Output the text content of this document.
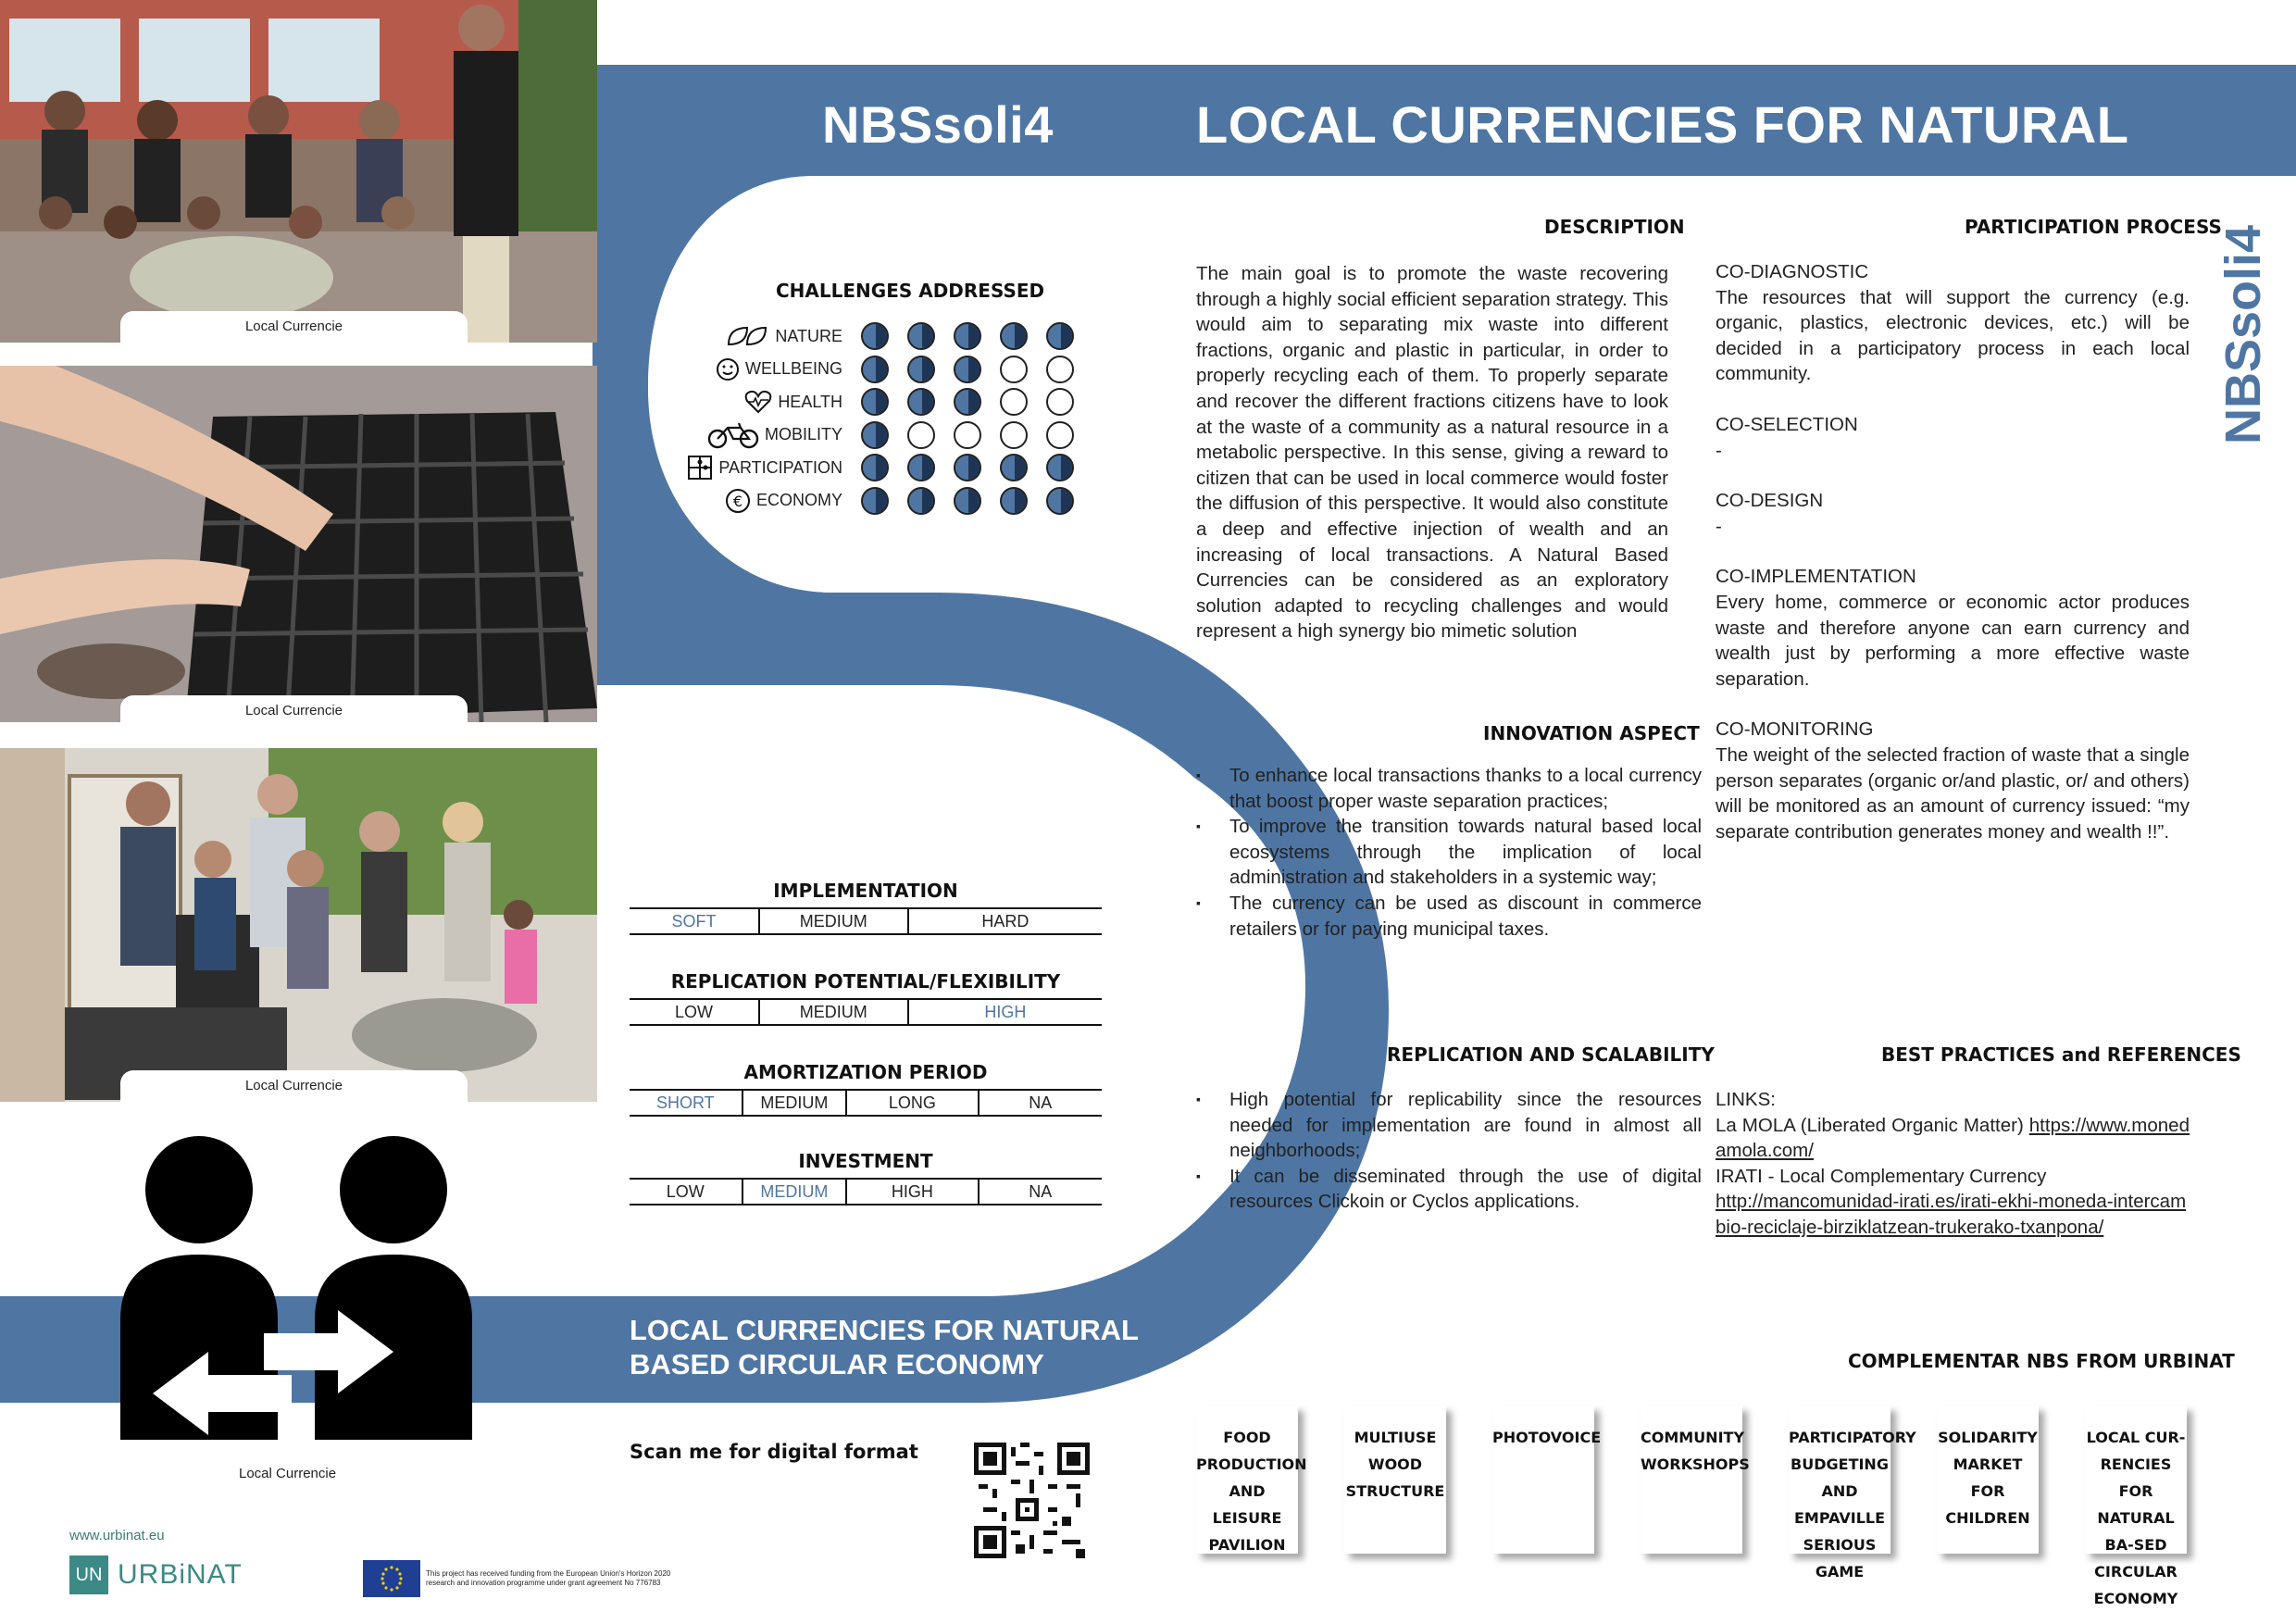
Local Currencie
Local Currencie
Local Currencie
Local Currencie
NBSsoli4	LOCAL CURRENCIES FOR NATURAL
NBSsoli4
CHALLENGES ADDRESSED
NATURE
WELLBEING
HEALTH
MOBILITY
PARTICIPATION
€ ECONOMY
IMPLEMENTATION
SOFT	MEDIUM	HARD
REPLICATION POTENTIAL/FLEXIBILITY
LOW	MEDIUM	HIGH
AMORTIZATION PERIOD
SHORT	MEDIUM	LONG	NA
INVESTMENT
LOW	MEDIUM	HIGH	NA
LOCAL CURRENCIES FOR NATURAL
BASED CIRCULAR ECONOMY
Scan me for digital format
www.urbinat.eu
UN URBiNAT	This project has received funding from the European Union's Horizon 2020
research and innovation programme under grant agreement No 776783
DESCRIPTION
The main goal is to promote the waste recovering through a highly social efficient separation strategy. This would aim to separating mix waste into different fractions, organic and plastic in particular, in order to properly recycling each of them. To properly separate and recover the different fractions citizens have to look at the waste of a community as a natural resource in a metabolic perspective. In this sense, giving a reward to citizen that can be used in local commerce would foster the diffusion of this perspective. It would also constitute a deep and effective injection of wealth and an increasing of local transactions. A Natural Based Currencies can be considered as an exploratory solution adapted to recycling challenges and would represent a high synergy bio mimetic solution
INNOVATION ASPECT
▪ To enhance local transactions thanks to a local currency that boost proper waste separation practices;
▪ To improve the transition towards natural based local ecosystems through the implication of local administration and stakeholders in a systemic way;
▪ The currency can be used as discount in commerce retailers or for paying municipal taxes.
REPLICATION AND SCALABILITY
▪ High potential for replicability since the resources needed for implementation are found in almost all neighborhoods;
▪ It can be disseminated through the use of digital resources Clickoin or Cyclos applications.
PARTICIPATION PROCESS
CO-DIAGNOSTIC
The resources that will support the currency (e.g. organic, plastics, electronic devices, etc.) will be decided in a participatory process in each local community.
CO-SELECTION
-
CO-DESIGN
-
CO-IMPLEMENTATION
Every home, commerce or economic actor produces waste and therefore anyone can earn currency and wealth just by performing a more effective waste separation.
CO-MONITORING
The weight of the selected fraction of waste that a single person separates (organic or/and plastic, or/ and others) will be monitored as an amount of currency issued: “my separate contribution generates money and wealth !!”.
BEST PRACTICES and REFERENCES
LINKS:
La MOLA (Liberated Organic Matter) https://www.monedamola.com/
IRATI - Local Complementary Currency
http://mancomunidad-irati.es/irati-ekhi-moneda-intercambio-reciclaje-birziklatzean-trukerako-txanpona/
COMPLEMENTAR NBS FROM URBINAT
FOOD PRODUCTION AND LEISURE PAVILION
MULTIUSE WOOD STRUCTURE
PHOTOVOICE	COMMUNITY WORKSHOPS
PARTICIPATORY BUDGETING AND EMPAVILLE SERIOUS GAME
SOLIDARITY MARKET FOR CHILDREN
LOCAL CUR-RENCIES FOR NATURAL BA-SED CIRCULAR ECONOMY
